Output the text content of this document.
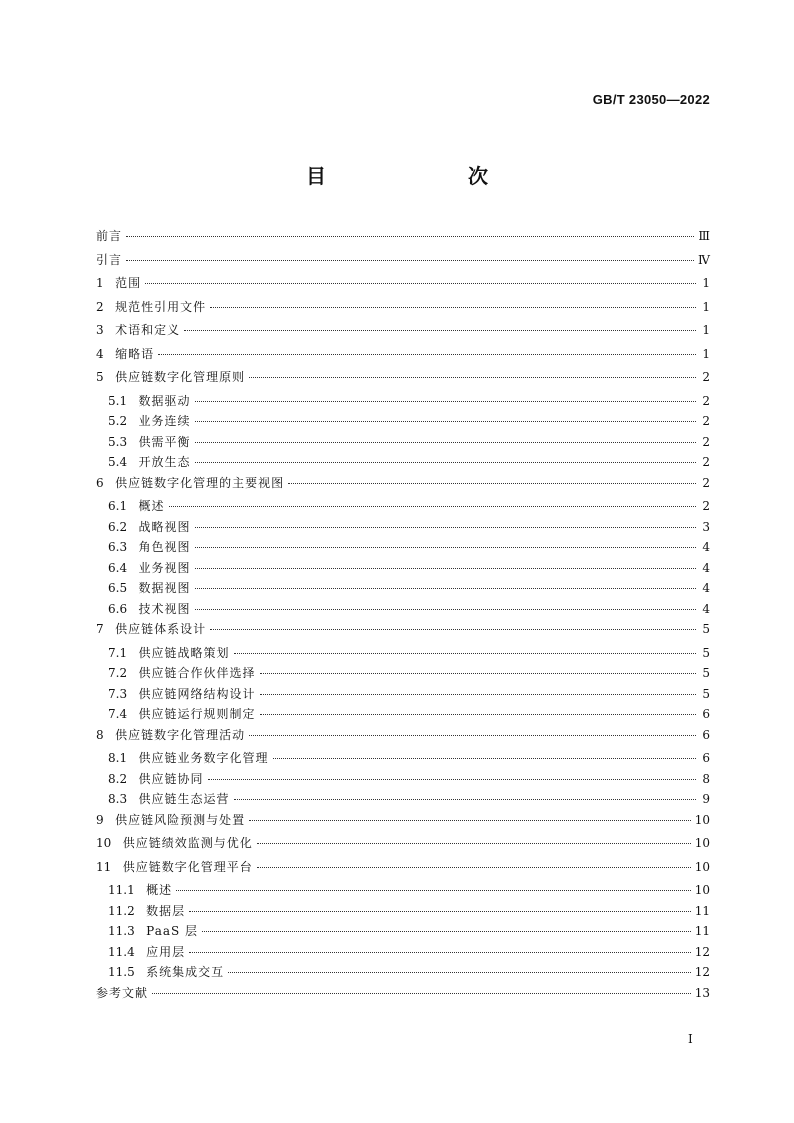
GB/T 23050—2022
目　　次
前言	Ⅲ
引言	Ⅳ
1 范围	1
2 规范性引用文件	1
3 术语和定义	1
4 缩略语	1
5 供应链数字化管理原则	2
5.1 数据驱动	2
5.2 业务连续	2
5.3 供需平衡	2
5.4 开放生态	2
6 供应链数字化管理的主要视图	2
6.1 概述	2
6.2 战略视图	3
6.3 角色视图	4
6.4 业务视图	4
6.5 数据视图	4
6.6 技术视图	4
7 供应链体系设计	5
7.1 供应链战略策划	5
7.2 供应链合作伙伴选择	5
7.3 供应链网络结构设计	5
7.4 供应链运行规则制定	6
8 供应链数字化管理活动	6
8.1 供应链业务数字化管理	6
8.2 供应链协同	8
8.3 供应链生态运营	9
9 供应链风险预测与处置	10
10 供应链绩效监测与优化	10
11 供应链数字化管理平台	10
11.1 概述	10
11.2 数据层	11
11.3 PaaS 层	11
11.4 应用层	12
11.5 系统集成交互	12
参考文献	13
I
